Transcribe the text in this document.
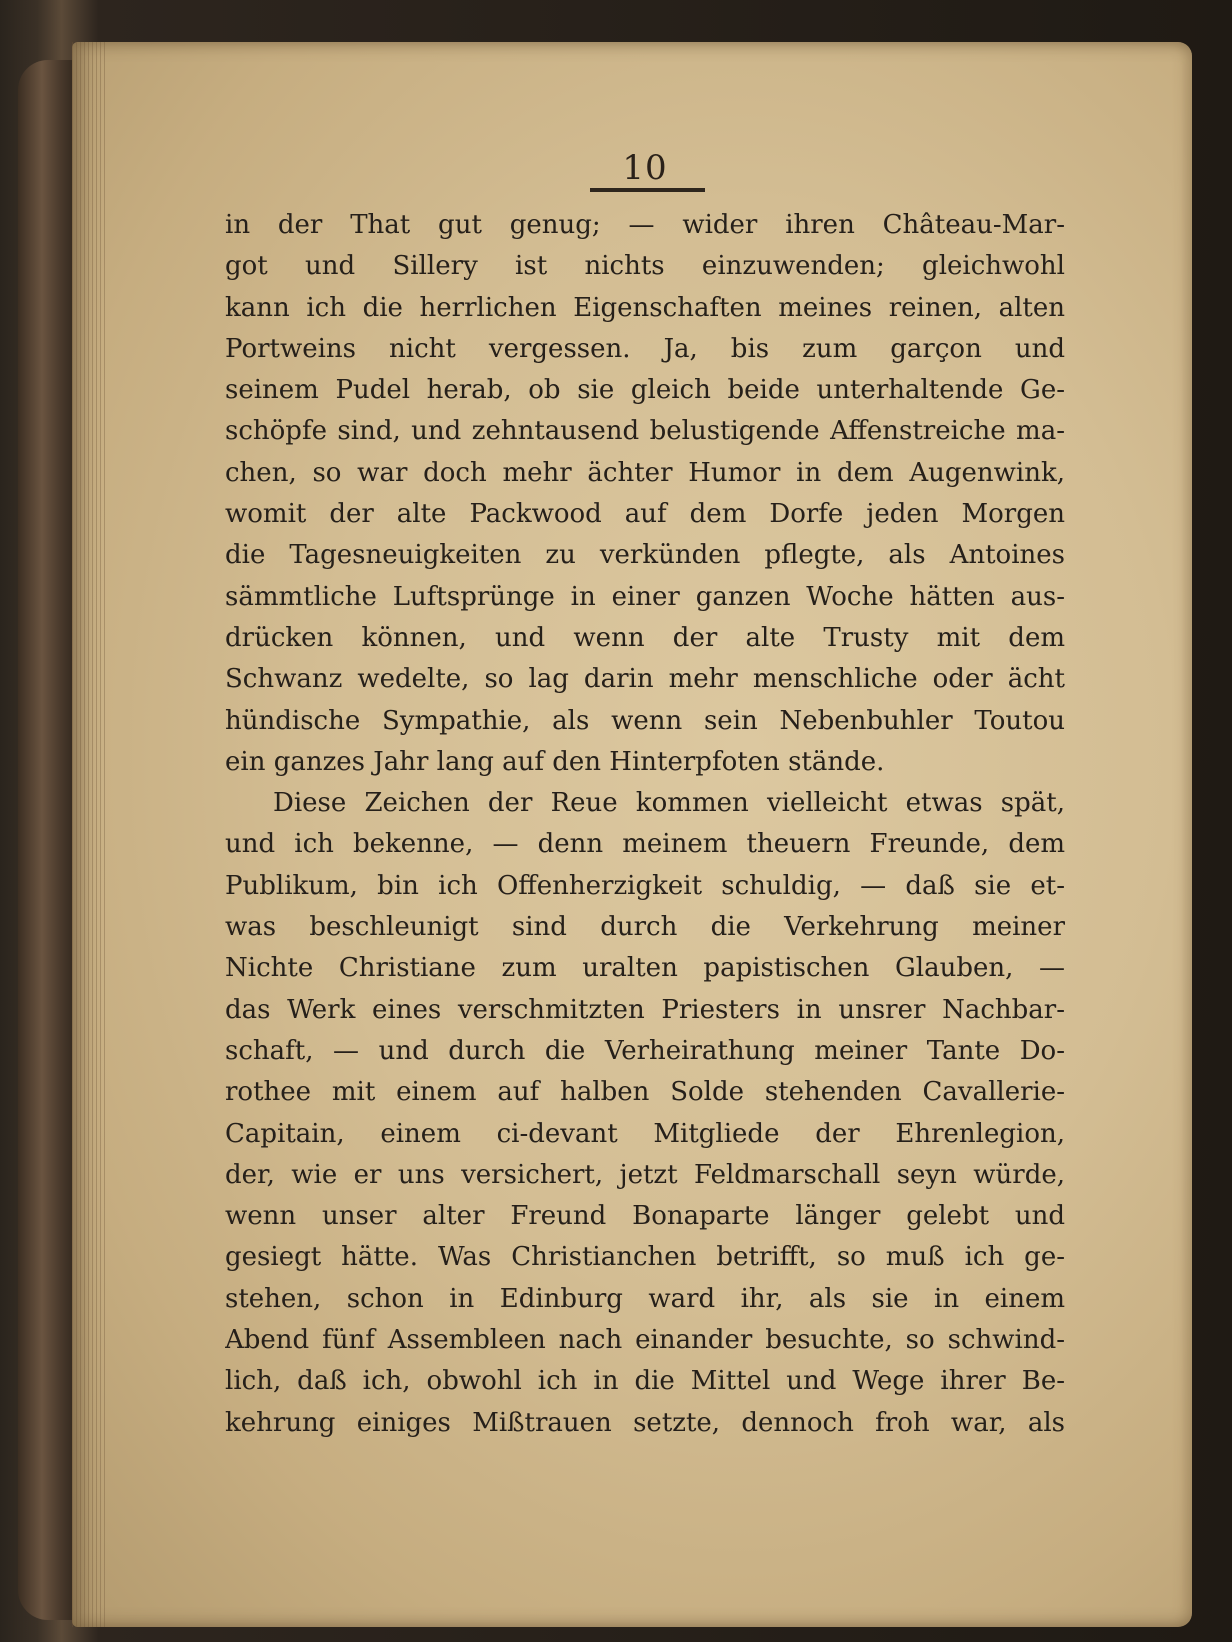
10
in der That gut genug; — wider ihren Château-Mar-
got und Sillery ist nichts einzuwenden; gleichwohl
kann ich die herrlichen Eigenschaften meines reinen, alten
Portweins nicht vergessen. Ja, bis zum garçon und
seinem Pudel herab, ob sie gleich beide unterhaltende Ge-
schöpfe sind, und zehntausend belustigende Affenstreiche ma-
chen, so war doch mehr ächter Humor in dem Augenwink,
womit der alte Packwood auf dem Dorfe jeden Morgen
die Tagesneuigkeiten zu verkünden pflegte, als Antoines
sämmtliche Luftsprünge in einer ganzen Woche hätten aus-
drücken können, und wenn der alte Trusty mit dem
Schwanz wedelte, so lag darin mehr menschliche oder ächt
hündische Sympathie, als wenn sein Nebenbuhler Toutou
ein ganzes Jahr lang auf den Hinterpfoten stände.
Diese Zeichen der Reue kommen vielleicht etwas spät,
und ich bekenne, — denn meinem theuern Freunde, dem
Publikum, bin ich Offenherzigkeit schuldig, — daß sie et-
was beschleunigt sind durch die Verkehrung meiner
Nichte Christiane zum uralten papistischen Glauben, —
das Werk eines verschmitzten Priesters in unsrer Nachbar-
schaft, — und durch die Verheirathung meiner Tante Do-
rothee mit einem auf halben Solde stehenden Cavallerie-
Capitain, einem ci-devant Mitgliede der Ehrenlegion,
der, wie er uns versichert, jetzt Feldmarschall seyn würde,
wenn unser alter Freund Bonaparte länger gelebt und
gesiegt hätte. Was Christianchen betrifft, so muß ich ge-
stehen, schon in Edinburg ward ihr, als sie in einem
Abend fünf Assembleen nach einander besuchte, so schwind-
lich, daß ich, obwohl ich in die Mittel und Wege ihrer Be-
kehrung einiges Mißtrauen setzte, dennoch froh war, als
